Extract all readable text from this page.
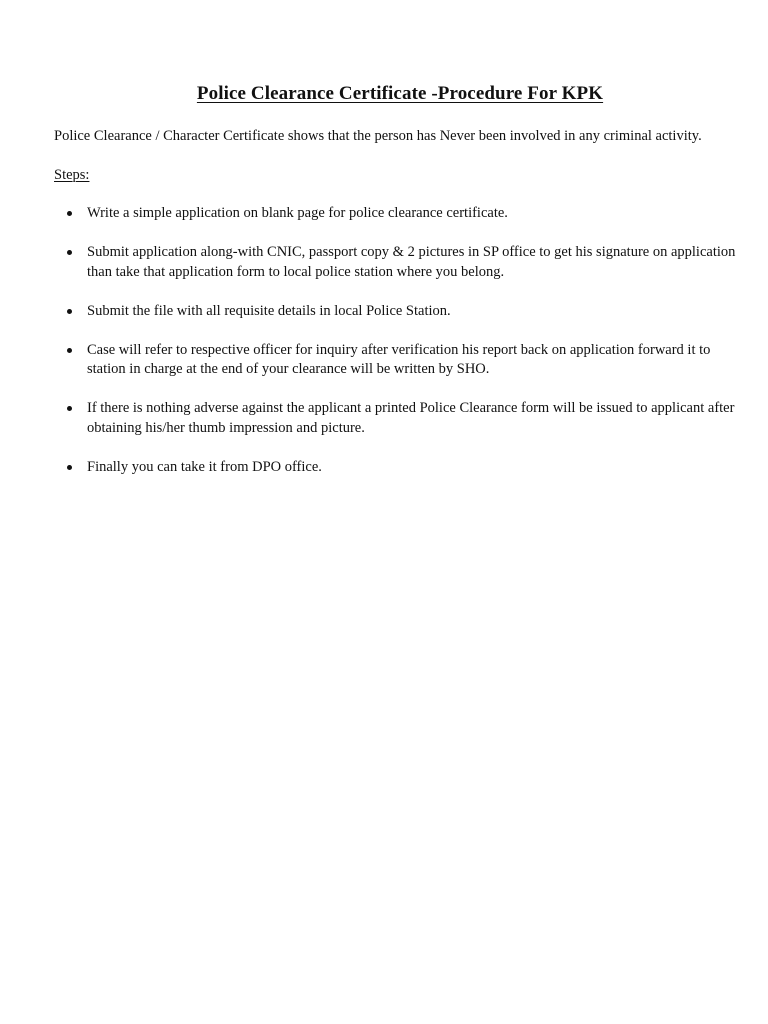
Police Clearance Certificate -Procedure For KPK

Police Clearance / Character Certificate shows that the person has Never been involved in any criminal activity.

Steps:
Write a simple application on blank page for police clearance certificate.
Submit application along-with CNIC, passport copy & 2 pictures in SP office to get his signature on application than take that application form to local police station where you belong.
Submit the file with all requisite details in local Police Station.
Case will refer to respective officer for inquiry after verification his report back on application forward it to station in charge at the end of your clearance will be written by SHO.
If there is nothing adverse against the applicant a printed Police Clearance form will be issued to applicant after obtaining his/her thumb impression and picture.
Finally you can take it from DPO office.
